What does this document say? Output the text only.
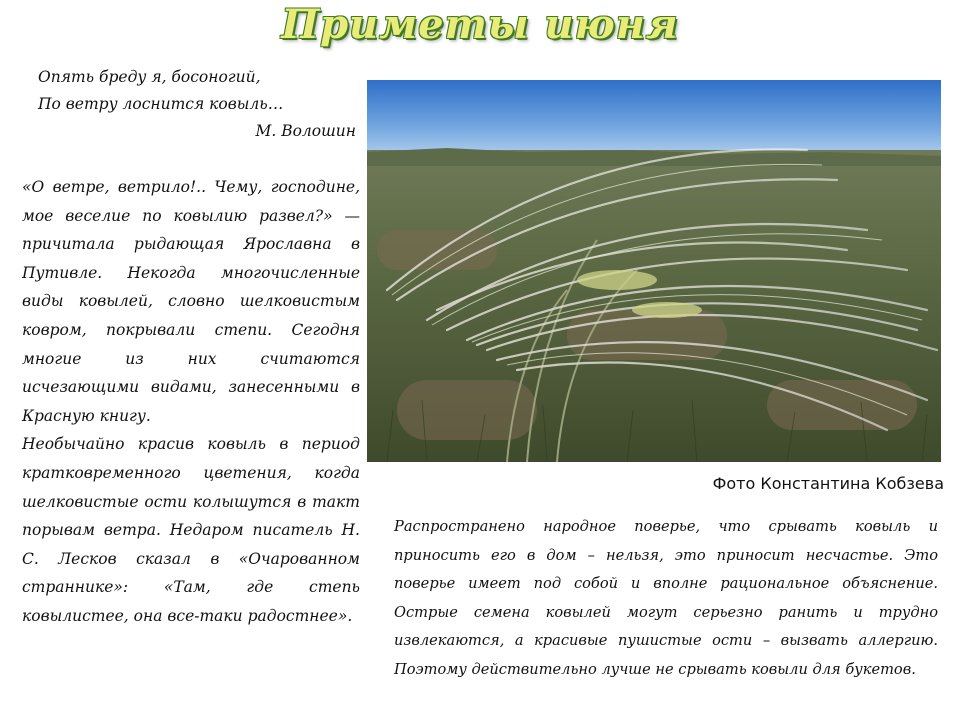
Приметы июня
Опять бреду я, босоногий,
По ветру лоснится ковыль…
М. Волошин

«О ветре, ветрило!.. Чему, господине, мое веселие по ковылию развел?» — причитала рыдающая Ярославна в Путивле. Некогда многочисленные виды ковылей, словно шелковистым ковром, покрывали степи. Сегодня многие из них считаются исчезающими видами, занесенными в Красную книгу.

Необычайно красив ковыль в период кратковременного цветения, когда шелковистые ости колышутся в такт порывам ветра. Недаром писатель Н. С. Лесков сказал в «Очарованном страннике»: «Там, где степь ковылистее, она все-таки радостнее».

Фото Константина Кобзева

Распространено народное поверье, что срывать ковыль и приносить его в дом – нельзя, это приносит несчастье. Это поверье имеет под собой и вполне рациональное объяснение. Острые семена ковылей могут серьезно ранить и трудно извлекаются, а красивые пушистые ости – вызвать аллергию. Поэтому действительно лучше не срывать ковыли для букетов.
